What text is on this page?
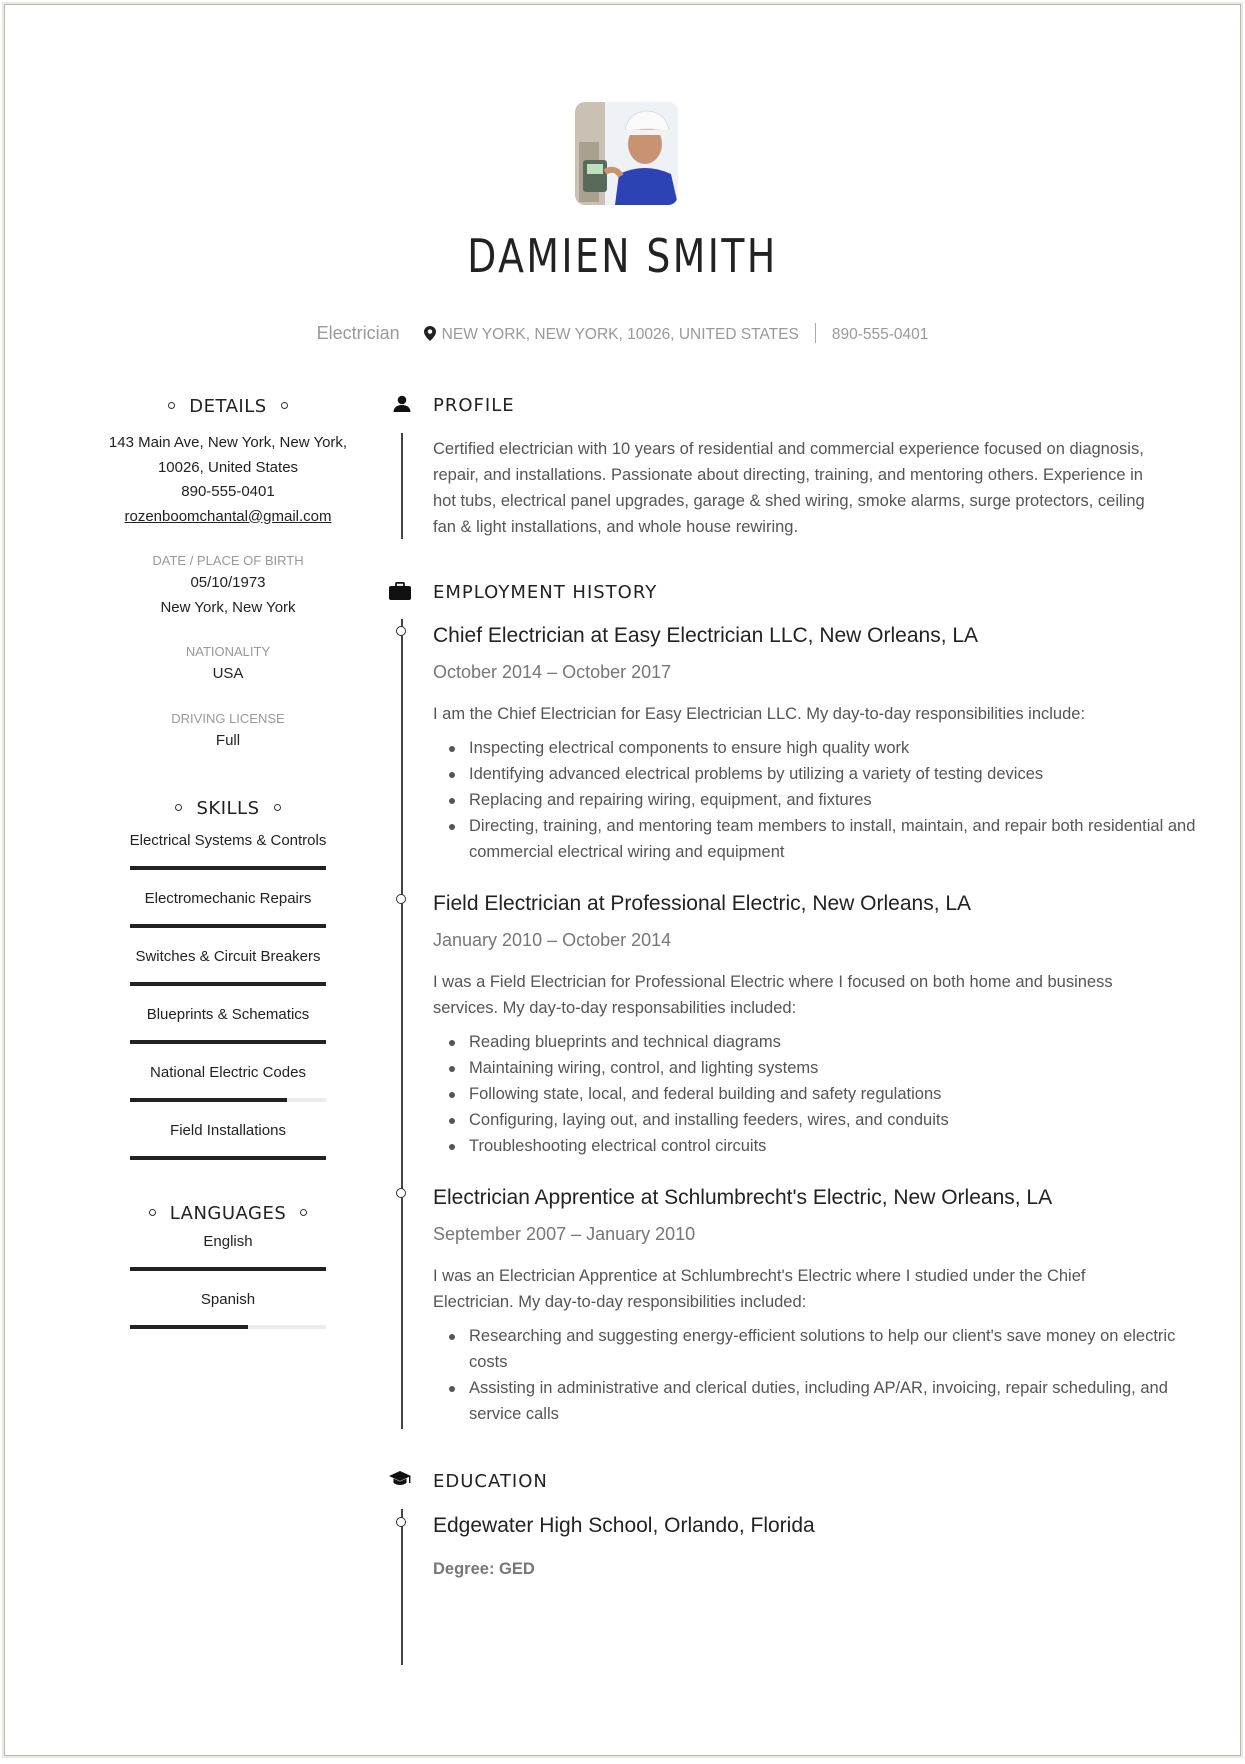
DAMIEN SMITH
Electrician	NEW YORK, NEW YORK, 10026, UNITED STATES 890-555-0401
DETAILS
143 Main Ave, New York, New York,
10026, United States
890-555-0401
rozenboomchantal@gmail.com
DATE / PLACE OF BIRTH
05/10/1973
New York, New York
NATIONALITY
USA
DRIVING LICENSE
Full
SKILLS
Electrical Systems & Controls
Electromechanic Repairs
Switches & Circuit Breakers
Blueprints & Schematics
National Electric Codes
Field Installations
LANGUAGES
English
Spanish
PROFILE
Certified electrician with 10 years of residential and commercial experience focused on diagnosis, repair, and installations. Passionate about directing, training, and mentoring others. Experience in hot tubs, electrical panel upgrades, garage & shed wiring, smoke alarms, surge protectors, ceiling fan & light installations, and whole house rewiring.
EMPLOYMENT HISTORY
Chief Electrician at Easy Electrician LLC, New Orleans, LA
October 2014 – October 2017
I am the Chief Electrician for Easy Electrician LLC. My day-to-day responsibilities include:
Inspecting electrical components to ensure high quality work
Identifying advanced electrical problems by utilizing a variety of testing devices
Replacing and repairing wiring, equipment, and fixtures
Directing, training, and mentoring team members to install, maintain, and repair both residential and commercial electrical wiring and equipment
Field Electrician at Professional Electric, New Orleans, LA
January 2010 – October 2014
I was a Field Electrician for Professional Electric where I focused on both home and business services. My day-to-day responsabilities included:
Reading blueprints and technical diagrams
Maintaining wiring, control, and lighting systems
Following state, local, and federal building and safety regulations
Configuring, laying out, and installing feeders, wires, and conduits
Troubleshooting electrical control circuits
Electrician Apprentice at Schlumbrecht's Electric, New Orleans, LA
September 2007 – January 2010
I was an Electrician Apprentice at Schlumbrecht's Electric where I studied under the Chief Electrician. My day-to-day responsibilities included:
Researching and suggesting energy-efficient solutions to help our client's save money on electric costs
Assisting in administrative and clerical duties, including AP/AR, invoicing, repair scheduling, and service calls
EDUCATION
Edgewater High School, Orlando, Florida
Degree: GED
